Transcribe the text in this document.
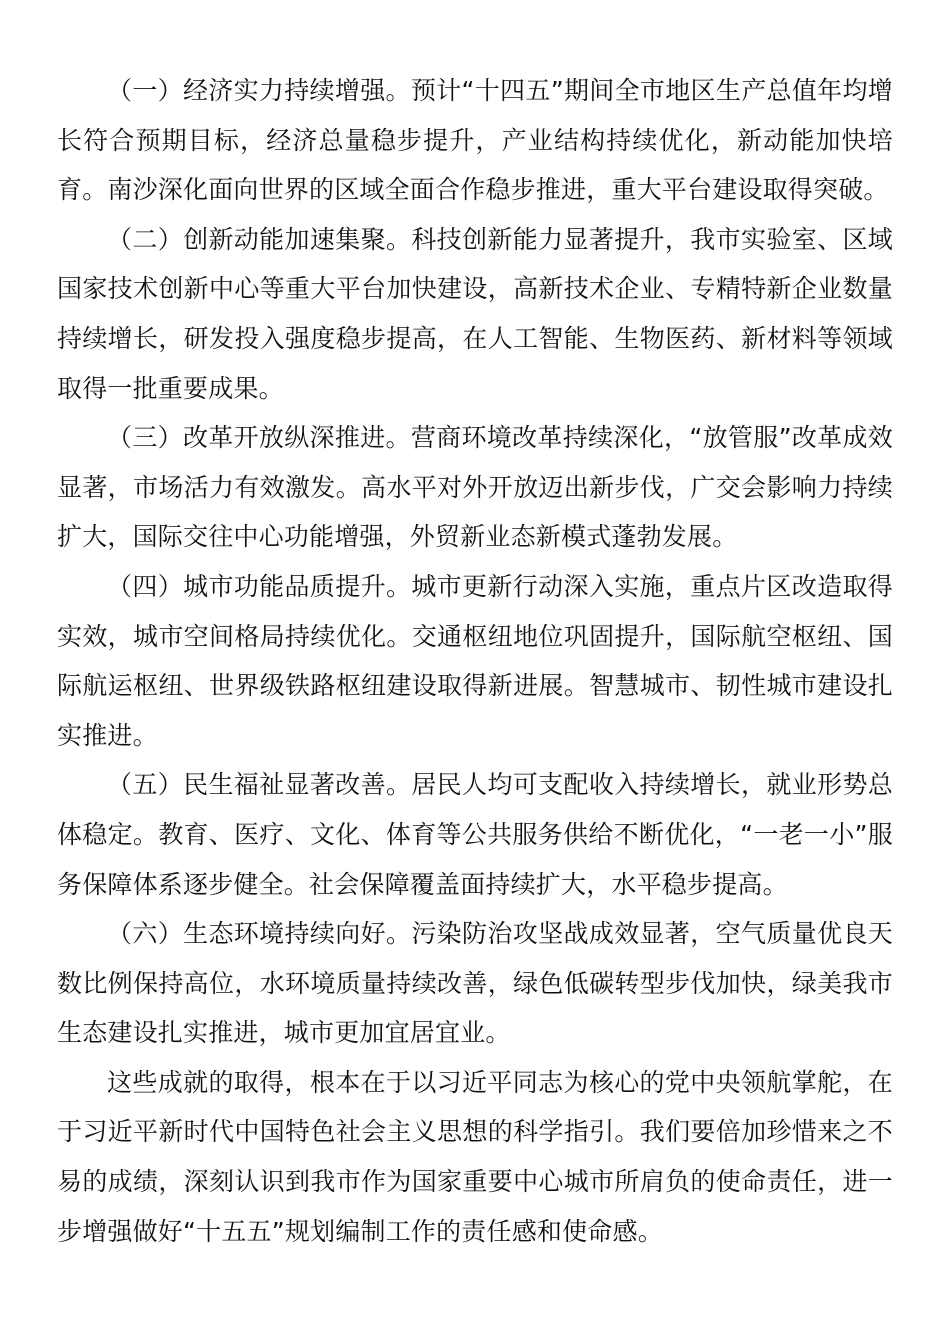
（一）经济实力持续增强。预计“十四五”期间全市地区生产总值年均增长符合预期目标，经济总量稳步提升，产业结构持续优化，新动能加快培育。南沙深化面向世界的区域全面合作稳步推进，重大平台建设取得突破。

（二）创新动能加速集聚。科技创新能力显著提升，我市实验室、区域国家技术创新中心等重大平台加快建设，高新技术企业、专精特新企业数量持续增长，研发投入强度稳步提高，在人工智能、生物医药、新材料等领域取得一批重要成果。

（三）改革开放纵深推进。营商环境改革持续深化，“放管服”改革成效显著，市场活力有效激发。高水平对外开放迈出新步伐，广交会影响力持续扩大，国际交往中心功能增强，外贸新业态新模式蓬勃发展。

（四）城市功能品质提升。城市更新行动深入实施，重点片区改造取得实效，城市空间格局持续优化。交通枢纽地位巩固提升，国际航空枢纽、国际航运枢纽、世界级铁路枢纽建设取得新进展。智慧城市、韧性城市建设扎实推进。

（五）民生福祉显著改善。居民人均可支配收入持续增长，就业形势总体稳定。教育、医疗、文化、体育等公共服务供给不断优化，“一老一小”服务保障体系逐步健全。社会保障覆盖面持续扩大，水平稳步提高。

（六）生态环境持续向好。污染防治攻坚战成效显著，空气质量优良天数比例保持高位，水环境质量持续改善，绿色低碳转型步伐加快，绿美我市生态建设扎实推进，城市更加宜居宜业。

这些成就的取得，根本在于以习近平同志为核心的党中央领航掌舵，在于习近平新时代中国特色社会主义思想的科学指引。我们要倍加珍惜来之不易的成绩，深刻认识到我市作为国家重要中心城市所肩负的使命责任，进一步增强做好“十五五”规划编制工作的责任感和使命感。
